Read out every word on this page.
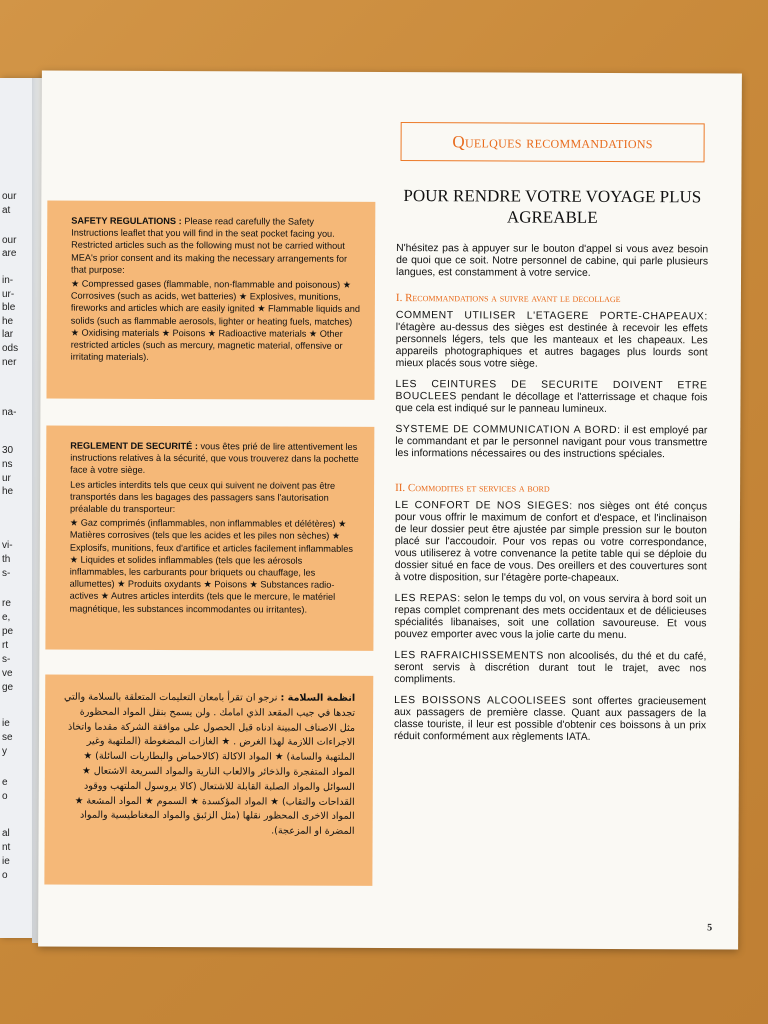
our
at
our
are
in-
ur-
ble
he
lar
ods
ner
na-
30
ns
ur
he
vi-
th
s-
re
e,
pe
rt
s-
ve
ge
ie
se
y
e
o
al
nt
ie
o

SAFETY REGULATIONS : Please read carefully the Safety Instructions leaflet that you will find in the seat pocket facing you. Restricted articles such as the following must not be carried without MEA's prior consent and its making the necessary arrangements for that purpose:

★ Compressed gases (flammable, non-flammable and poisonous) ★ Corrosives (such as acids, wet batteries) ★ Explosives, munitions, fireworks and articles which are easily ignited ★ Flammable liquids and solids (such as flammable aerosols, lighter or heating fuels, matches) ★ Oxidising materials ★ Poisons ★ Radioactive materials ★ Other restricted articles (such as mercury, magnetic material, offensive or irritating materials).

REGLEMENT DE SECURITÉ : vous êtes prié de lire attentivement les instructions relatives à la sécurité, que vous trouverez dans la pochette face à votre siège.

Les articles interdits tels que ceux qui suivent ne doivent pas être transportés dans les bagages des passagers sans l'autorisation préalable du transporteur:

★ Gaz comprimés (inflammables, non inflammables et délétères) ★ Matières corrosives (tels que les acides et les piles non sèches) ★ Explosifs, munitions, feux d'artifice et articles facilement inflammables ★ Liquides et solides inflammables (tels que les aérosols inflammables, les carburants pour briquets ou chauffage, les allumettes) ★ Produits oxydants ★ Poisons ★ Substances radio-actives ★ Autres articles interdits (tels que le mercure, le matériel magnétique, les substances incommodantes ou irritantes).

انظمة السلامة : نرجو ان تقرأ بامعان التعليمات المتعلقة بالسلامة والتي تجدها في جيب المقعد الذي امامك . ولن يسمح بنقل المواد المحظورة مثل الاصناف المبينة ادناه قبل الحصول على موافقة الشركة مقدما واتخاذ الاجراءات اللازمة لهذا الغرض . ★ الغازات المضغوطة (الملتهبة وغير الملتهبة والسامة) ★ المواد الاكالة (كالاحماض والبطاريات السائلة) ★ المواد المتفجرة والذخائر والالعاب النارية والمواد السريعة الاشتعال ★ السوائل والمواد الصلبة القابلة للاشتعال (كالا يروسول الملتهب ووقود القداحات والتقاب) ★ المواد المؤكسدة ★ السموم ★ المواد المشعة ★ المواد الاخرى المحظور نقلها (مثل الزئبق والمواد المغناطيسية والمواد المضرة او المزعجة).

Quelques recommandations
POUR RENDRE VOTRE VOYAGE PLUS AGREABLE

N'hésitez pas à appuyer sur le bouton d'appel si vous avez besoin de quoi que ce soit. Notre personnel de cabine, qui parle plusieurs langues, est constamment à votre service.

I. Recommandations a suivre avant le decollage

COMMENT UTILISER L'ETAGERE PORTE-CHAPEAUX: l'étagère au-dessus des sièges est destinée à recevoir les effets personnels légers, tels que les manteaux et les chapeaux. Les appareils photographiques et autres bagages plus lourds sont mieux placés sous votre siège.

LES CEINTURES DE SECURITE DOIVENT ETRE BOUCLEES pendant le décollage et l'atterrissage et chaque fois que cela est indiqué sur le panneau lumineux.

SYSTEME DE COMMUNICATION A BORD: il est employé par le commandant et par le personnel navigant pour vous transmettre les informations nécessaires ou des instructions spéciales.

II. Commodites et services a bord

LE CONFORT DE NOS SIEGES: nos sièges ont été conçus pour vous offrir le maximum de confort et d'espace, et l'inclinaison de leur dossier peut être ajustée par simple pression sur le bouton placé sur l'accoudoir. Pour vos repas ou votre correspondance, vous utiliserez à votre convenance la petite table qui se déploie du dossier situé en face de vous. Des oreillers et des couvertures sont à votre disposition, sur l'étagère porte-chapeaux.

LES REPAS: selon le temps du vol, on vous servira à bord soit un repas complet comprenant des mets occidentaux et de délicieuses spécialités libanaises, soit une collation savoureuse. Et vous pouvez emporter avec vous la jolie carte du menu.

LES RAFRAICHISSEMENTS non alcoolisés, du thé et du café, seront servis à discrétion durant tout le trajet, avec nos compliments.

LES BOISSONS ALCOOLISEES sont offertes gracieusement aux passagers de première classe. Quant aux passagers de la classe touriste, il leur est possible d'obtenir ces boissons à un prix réduit conformément aux règlements IATA.

5
